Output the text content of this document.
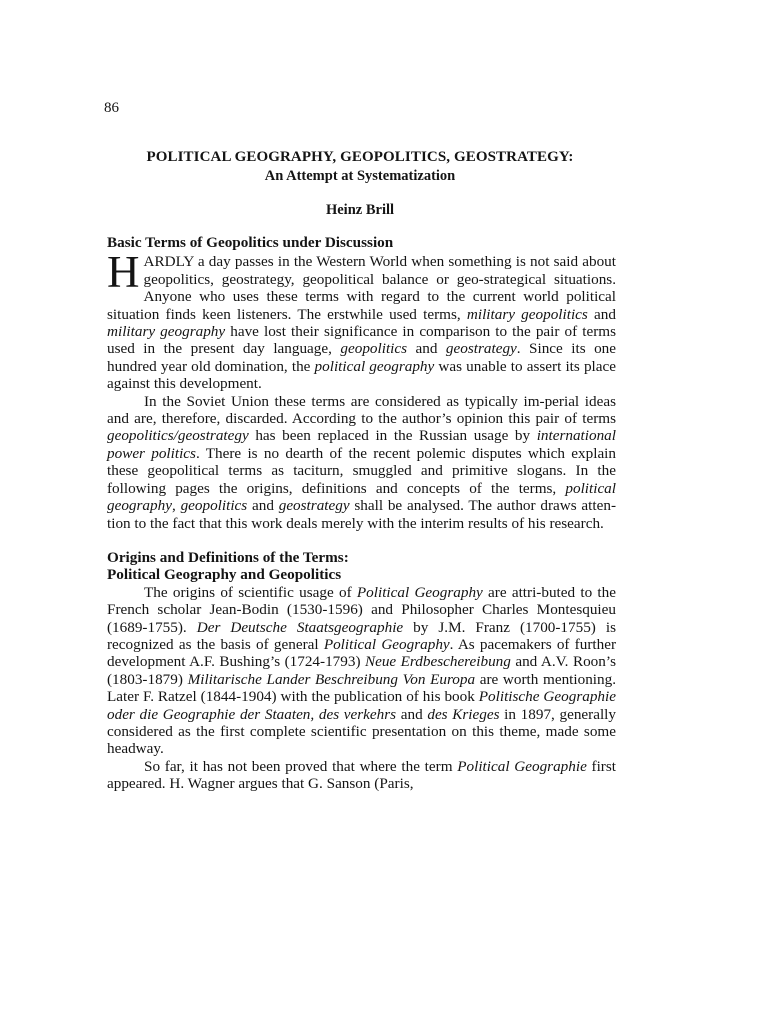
86

POLITICAL GEOGRAPHY, GEOPOLITICS, GEOSTRATEGY:
An Attempt at Systematization

Heinz Brill

Basic Terms of Geopolitics under Discussion

HARDLY a day passes in the Western World when something is not said about geopolitics, geostrategy, geopolitical balance or geo-strategical situations. Anyone who uses these terms with regard to the current world political situation finds keen listeners. The erstwhile used terms, military geopolitics and military geography have lost their significance in comparison to the pair of terms used in the present day language, geopolitics and geostrategy. Since its one hundred year old domination, the political geography was unable to assert its place against this development.

In the Soviet Union these terms are considered as typically im-perial ideas and are, therefore, discarded. According to the author’s opinion this pair of terms geopolitics/geostrategy has been replaced in the Russian usage by international power politics. There is no dearth of the recent polemic disputes which explain these geopolitical terms as taciturn, smuggled and primitive slogans. In the following pages the origins, definitions and concepts of the terms, political geography, geopolitics and geostrategy shall be analysed. The author draws atten-tion to the fact that this work deals merely with the interim results of his research.

Origins and Definitions of the Terms:
Political Geography and Geopolitics

The origins of scientific usage of Political Geography are attri-buted to the French scholar Jean-Bodin (1530-1596) and Philosopher Charles Montesquieu (1689-1755). Der Deutsche Staatsgeographie by J.M. Franz (1700-1755) is recognized as the basis of general Political Geography. As pacemakers of further development A.F. Bushing’s (1724-1793) Neue Erdbeschereibung and A.V. Roon’s (1803-1879) Militarische Lander Beschreibung Von Europa are worth mentioning. Later F. Ratzel (1844-1904) with the publication of his book Politische Geographie oder die Geographie der Staaten, des verkehrs and des Krieges in 1897, generally considered as the first complete scientific presentation on this theme, made some headway.

So far, it has not been proved that where the term Political Geographie first appeared. H. Wagner argues that G. Sanson (Paris,
